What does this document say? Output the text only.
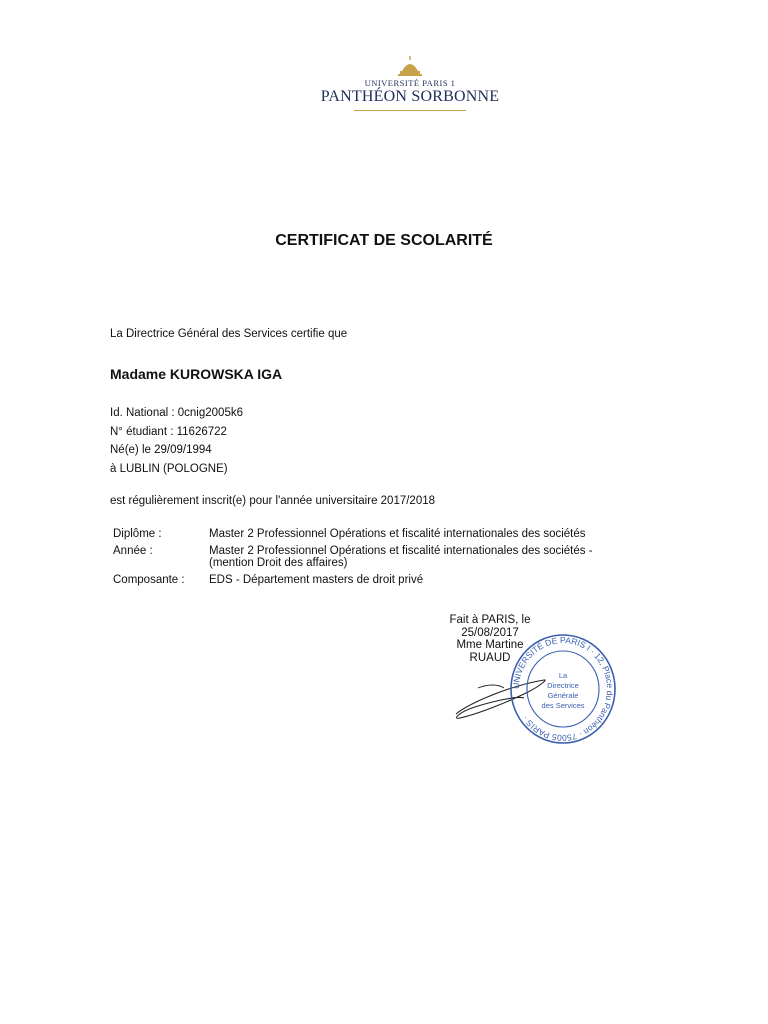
UNIVERSITÉ PARIS 1
PANTHÉON SORBONNE
CERTIFICAT DE SCOLARITÉ
La Directrice Général des Services certifie que
Madame KUROWSKA IGA
Id. National : 0cnig2005k6
N° étudiant : 11626722
Né(e) le 29/09/1994
à LUBLIN (POLOGNE)
est régulièrement inscrit(e) pour l'année universitaire 2017/2018
Diplôme :	Master 2 Professionnel Opérations et fiscalité internationales des sociétés
Année :	Master 2 Professionnel Opérations et fiscalité internationales des sociétés -
(mention Droit des affaires)

Composante :	EDS - Département masters de droit privé
Fait à PARIS, le
25/08/2017
Mme Martine
RUAUD
UNIVERSITÉ DE PARIS I · 12, Place du Panthéon · 75005 PARIS ·
La
Directrice
Générale
des Services
